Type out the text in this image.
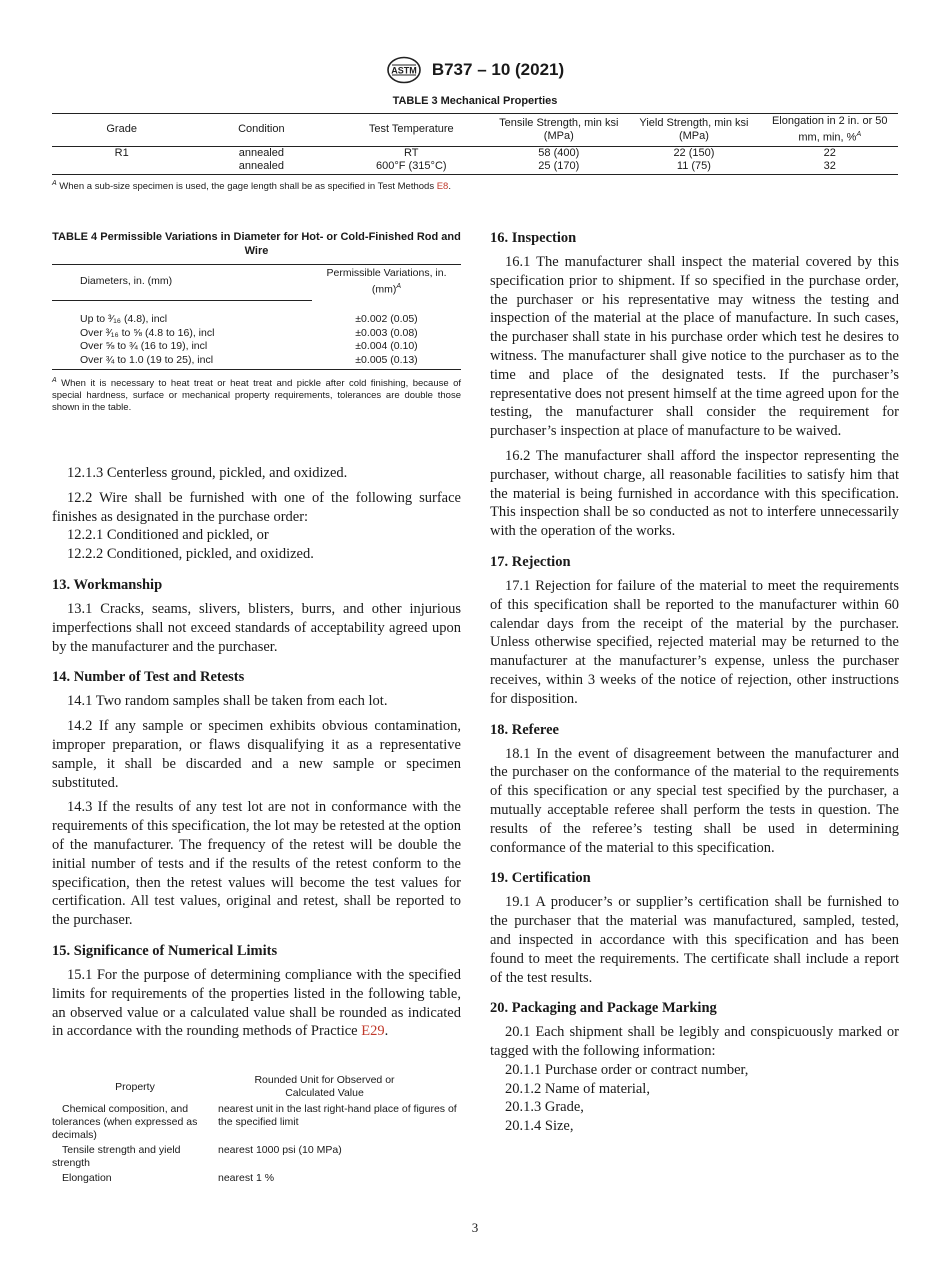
ASTM B737 – 10 (2021)
TABLE 3 Mechanical Properties
Grade	Condition	Test Temperature	Tensile Strength, min ksi (MPa)	Yield Strength, min ksi (MPa)	Elongation in 2 in. or 50 mm, min, %$^A$
R1	annealed	RT	58 (400)	22 (150)	22
	annealed	600°F (315°C)	25 (170)	11 (75)	32
$^A$ When a sub-size specimen is used, the gage length shall be as specified in Test Methods E8.
TABLE 4 Permissible Variations in Diameter for Hot- or Cold-Finished Rod and Wire
Diameters, in. (mm)	Permissible Variations, in. (mm)$^A$

Up to ³⁄₁₆ (4.8), incl	±0.002 (0.05)
Over ³⁄₁₆ to ⅝ (4.8 to 16), incl	±0.003 (0.08)
Over ⅝ to ¾ (16 to 19), incl	±0.004 (0.10)
Over ¾ to 1.0 (19 to 25), incl	±0.005 (0.13)
$^A$ When it is necessary to heat treat or heat treat and pickle after cold finishing, because of special hardness, surface or mechanical property requirements, tolerances are double those shown in the table.

12.1.3 Centerless ground, pickled, and oxidized.

12.2 Wire shall be furnished with one of the following surface finishes as designated in the purchase order:

12.2.1 Conditioned and pickled, or

12.2.2 Conditioned, pickled, and oxidized.

13. Workmanship

13.1 Cracks, seams, slivers, blisters, burrs, and other injurious imperfections shall not exceed standards of acceptability agreed upon by the manufacturer and the purchaser.

14. Number of Test and Retests

14.1 Two random samples shall be taken from each lot.

14.2 If any sample or specimen exhibits obvious contamination, improper preparation, or flaws disqualifying it as a representative sample, it shall be discarded and a new sample or specimen substituted.

14.3 If the results of any test lot are not in conformance with the requirements of this specification, the lot may be retested at the option of the manufacturer. The frequency of the retest will be double the initial number of tests and if the results of the retest conform to the specification, then the retest values will become the test values for certification. All test values, original and retest, shall be reported to the purchaser.

15. Significance of Numerical Limits

15.1 For the purpose of determining compliance with the specified limits for requirements of the properties listed in the following table, an observed value or a calculated value shall be rounded as indicated in accordance with the rounding methods of Practice E29.

Property	Rounded Unit for Observed or Calculated Value
Chemical composition, and tolerances (when expressed as decimals)	nearest unit in the last right-hand place of figures of the specified limit
Tensile strength and yield strength	nearest 1000 psi (10 MPa)
Elongation	nearest 1 %
16. Inspection

16.1 The manufacturer shall inspect the material covered by this specification prior to shipment. If so specified in the purchase order, the purchaser or his representative may witness the testing and inspection of the material at the place of manufacture. In such cases, the purchaser shall state in his purchase order which test he desires to witness. The manufacturer shall give notice to the purchaser as to the time and place of the designated tests. If the purchaser’s representative does not present himself at the time agreed upon for the testing, the manufacturer shall consider the requirement for purchaser’s inspection at place of manufacture to be waived.

16.2 The manufacturer shall afford the inspector representing the purchaser, without charge, all reasonable facilities to satisfy him that the material is being furnished in accordance with this specification. This inspection shall be so conducted as not to interfere unnecessarily with the operation of the works.

17. Rejection

17.1 Rejection for failure of the material to meet the requirements of this specification shall be reported to the manufacturer within 60 calendar days from the receipt of the material by the purchaser. Unless otherwise specified, rejected material may be returned to the manufacturer at the manufacturer’s expense, unless the purchaser receives, within 3 weeks of the notice of rejection, other instructions for disposition.

18. Referee

18.1 In the event of disagreement between the manufacturer and the purchaser on the conformance of the material to the requirements of this specification or any special test specified by the purchaser, a mutually acceptable referee shall perform the tests in question. The results of the referee’s testing shall be used in determining conformance of the material to this specification.

19. Certification

19.1 A producer’s or supplier’s certification shall be furnished to the purchaser that the material was manufactured, sampled, tested, and inspected in accordance with this specification and has been found to meet the requirements. The certificate shall include a report of the test results.

20. Packaging and Package Marking

20.1 Each shipment shall be legibly and conspicuously marked or tagged with the following information:

20.1.1 Purchase order or contract number,

20.1.2 Name of material,

20.1.3 Grade,

20.1.4 Size,

3
